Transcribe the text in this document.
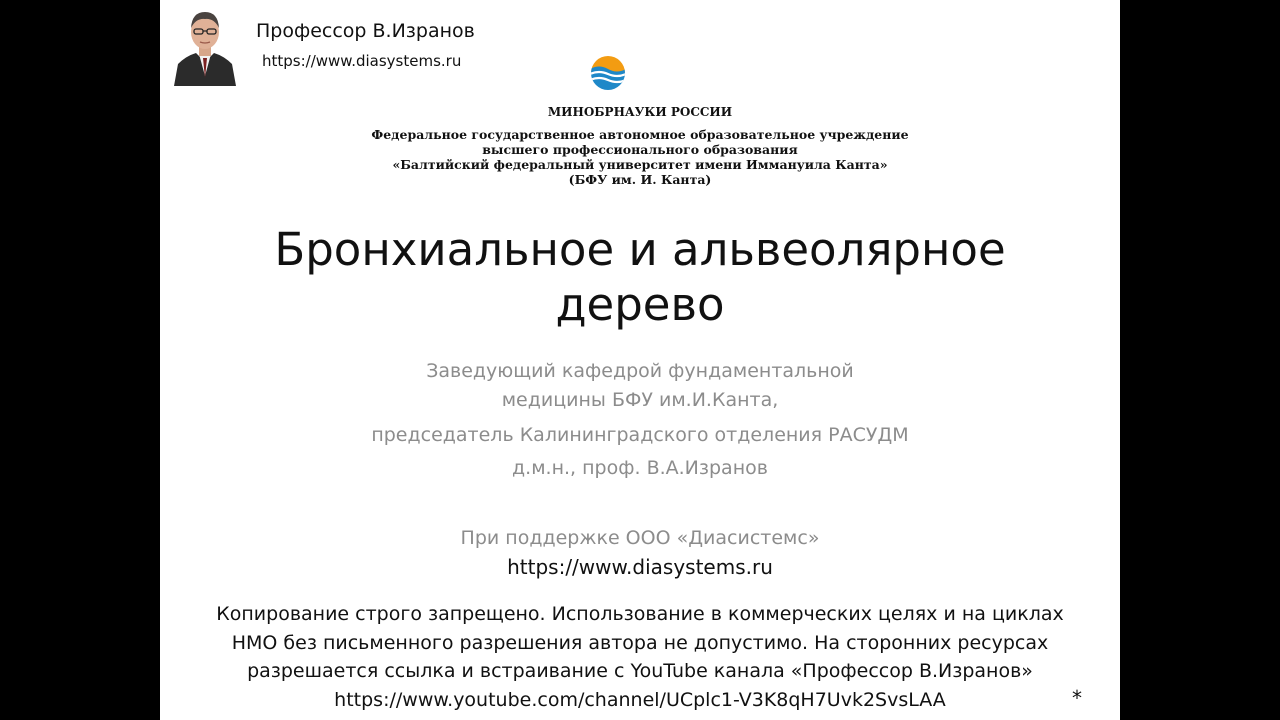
Профессор В.Изранов
https://www.diasystems.ru
МИНОБРНАУКИ РОССИИ
Федеральное государственное автономное образовательное учреждение
высшего профессионального образования
«Балтийский федеральный университет имени Иммануила Канта»
(БФУ им. И. Канта)
Бронхиальное и альвеолярное
дерево
Заведующий кафедрой фундаментальной
медицины БФУ им.И.Канта,
председатель Калининградского отделения РАСУДМ
д.м.н., проф. В.А.Изранов
При поддержке ООО «Диасистемс»
https://www.diasystems.ru
Копирование строго запрещено. Использование в коммерческих целях и на циклах
НМО без письменного разрешения автора не допустимо. На сторонних ресурсах
разрешается ссылка и встраивание с YouTube канала «Профессор В.Изранов»
https://www.youtube.com/channel/UCplc1-V3K8qH7Uvk2SvsLAA	*
